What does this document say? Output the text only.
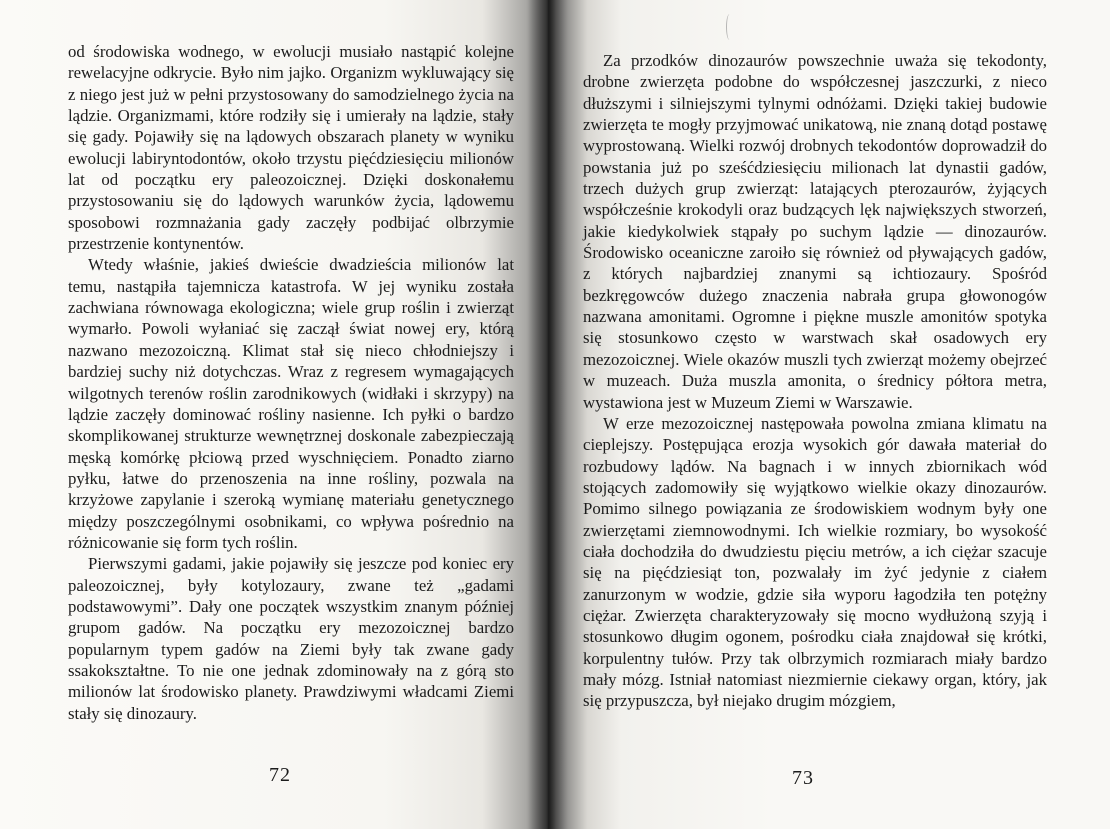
od środowiska wodnego, w ewolucji musiało nastąpić kolejne rewelacyjne odkrycie. Było nim jajko. Organizm wykluwający się z niego jest już w pełni przystosowany do samodzielnego życia na lądzie. Organizmami, które rodziły się i umierały na lądzie, stały się gady. Pojawiły się na lądowych obszarach planety w wyniku ewolucji labiryntodontów, około trzystu pięćdziesięciu milionów lat od początku ery paleozoicznej. Dzięki doskonałemu przystosowaniu się do lądowych warunków życia, lądowemu sposobowi rozmnażania gady zaczęły podbijać olbrzymie przestrzenie kontynentów.

Wtedy właśnie, jakieś dwieście dwadzieścia milionów lat temu, nastąpiła tajemnicza katastrofa. W jej wyniku została zachwiana równowaga ekologiczna; wiele grup roślin i zwierząt wymarło. Powoli wyłaniać się zaczął świat nowej ery, którą nazwano mezozoiczną. Klimat stał się nieco chłodniejszy i bardziej suchy niż dotychczas. Wraz z regresem wymagających wilgotnych terenów roślin zarodnikowych (widłaki i skrzypy) na lądzie zaczęły dominować rośliny nasienne. Ich pyłki o bardzo skomplikowanej strukturze wewnętrznej doskonale zabezpieczają męską komórkę płciową przed wyschnięciem. Ponadto ziarno pyłku, łatwe do przenoszenia na inne rośliny, pozwala na krzyżowe zapylanie i szeroką wymianę materiału genetycznego między poszczególnymi osobnikami, co wpływa pośrednio na różnicowanie się form tych roślin.

Pierwszymi gadami, jakie pojawiły się jeszcze pod koniec ery paleozoicznej, były kotylozaury, zwane też „gadami podstawowymi”. Dały one początek wszystkim znanym później grupom gadów. Na początku ery mezozoicznej bardzo popularnym typem gadów na Ziemi były tak zwane gady ssakokształtne. To nie one jednak zdominowały na z górą sto milionów lat środowisko planety. Prawdziwymi władcami Ziemi stały się dinozaury.

72

Za przodków dinozaurów powszechnie uważa się tekodonty, drobne zwierzęta podobne do współczesnej jaszczurki, z nieco dłuższymi i silniejszymi tylnymi odnóżami. Dzięki takiej budowie zwierzęta te mogły przyjmować unikatową, nie znaną dotąd postawę wyprostowaną. Wielki rozwój drobnych tekodontów doprowadził do powstania już po sześćdziesięciu milionach lat dynastii gadów, trzech dużych grup zwierząt: latających pterozaurów, żyjących współcześnie krokodyli oraz budzących lęk największych stworzeń, jakie kiedykolwiek stąpały po suchym lądzie — dinozaurów. Środowisko oceaniczne zaroiło się również od pływających gadów, z których najbardziej znanymi są ichtiozaury. Spośród bezkręgowców dużego znaczenia nabrała grupa głowonogów nazwana amonitami. Ogromne i piękne muszle amonitów spotyka się stosunkowo często w warstwach skał osadowych ery mezozoicznej. Wiele okazów muszli tych zwierząt możemy obejrzeć w muzeach. Duża muszla amonita, o średnicy półtora metra, wystawiona jest w Muzeum Ziemi w Warszawie.

W erze mezozoicznej następowała powolna zmiana klimatu na cieplejszy. Postępująca erozja wysokich gór dawała materiał do rozbudowy lądów. Na bagnach i w innych zbiornikach wód stojących zadomowiły się wyjątkowo wielkie okazy dinozaurów. Pomimo silnego powiązania ze środowiskiem wodnym były one zwierzętami ziemnowodnymi. Ich wielkie rozmiary, bo wysokość ciała dochodziła do dwudziestu pięciu metrów, a ich ciężar szacuje się na pięćdziesiąt ton, pozwalały im żyć jedynie z ciałem zanurzonym w wodzie, gdzie siła wyporu łagodziła ten potężny ciężar. Zwierzęta charakteryzowały się mocno wydłużoną szyją i stosunkowo długim ogonem, pośrodku ciała znajdował się krótki, korpulentny tułów. Przy tak olbrzymich rozmiarach miały bardzo mały mózg. Istniał natomiast niezmiernie ciekawy organ, który, jak się przypuszcza, był niejako drugim mózgiem,

73
